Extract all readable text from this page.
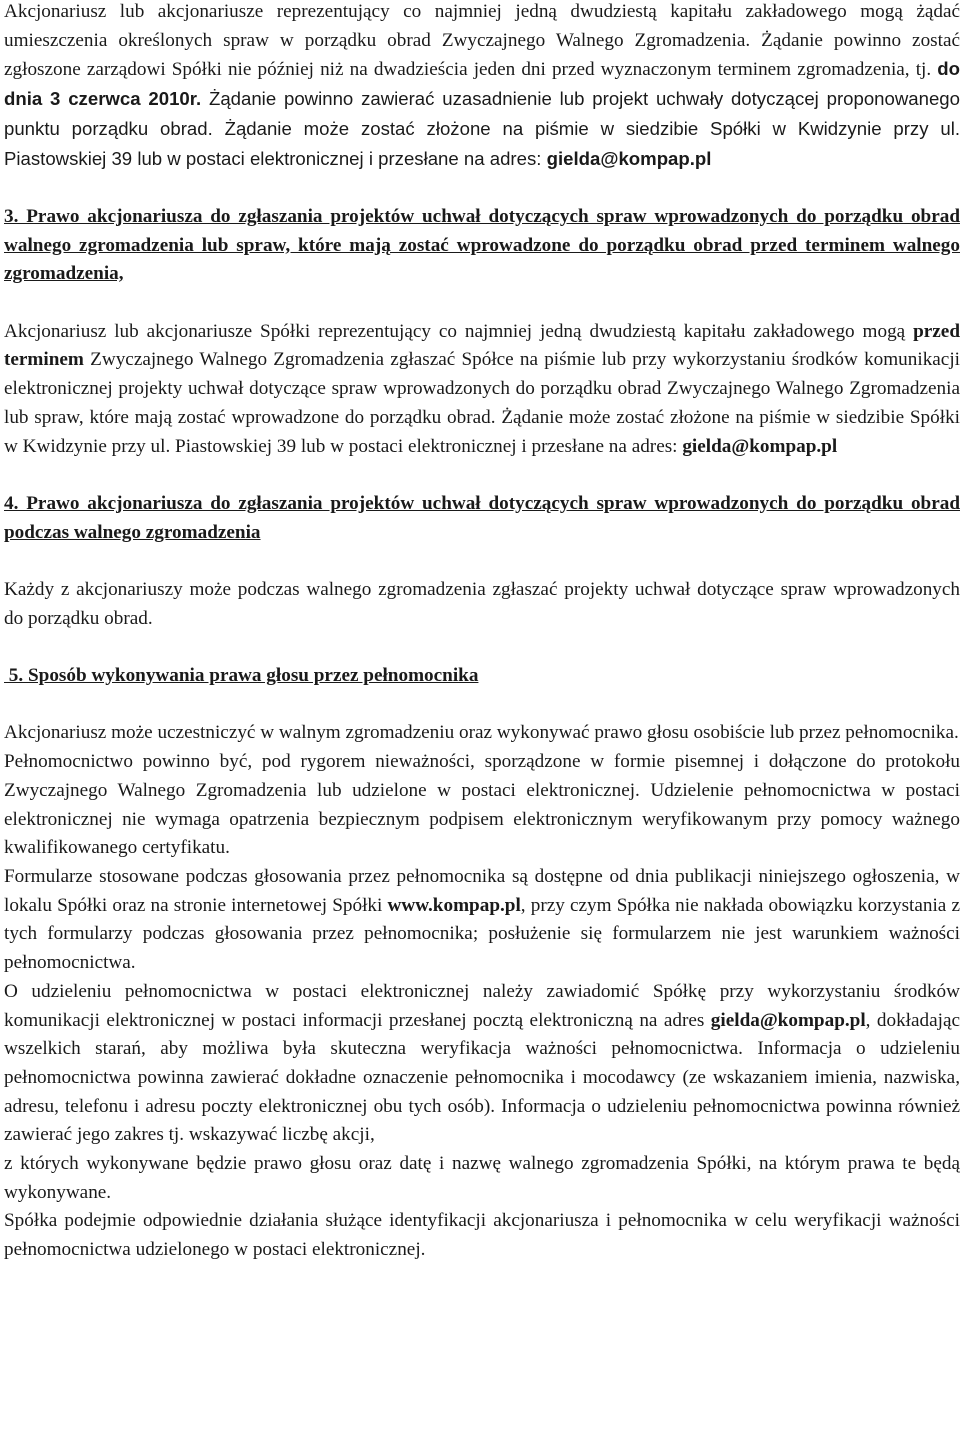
Akcjonariusz lub akcjonariusze reprezentujący co najmniej jedną dwudziestą kapitału zakładowego mogą żądać umieszczenia określonych spraw w porządku obrad Zwyczajnego Walnego Zgromadzenia. Żądanie powinno zostać zgłoszone zarządowi Spółki nie później niż na dwadzieścia jeden dni przed wyznaczonym terminem zgromadzenia, tj. do dnia 3 czerwca 2010r. Żądanie powinno zawierać uzasadnienie lub projekt uchwały dotyczącej proponowanego punktu porządku obrad. Żądanie może zostać złożone na piśmie w siedzibie Spółki w Kwidzynie przy ul. Piastowskiej 39 lub w postaci elektronicznej i przesłane na adres: gielda@kompap.pl

3. Prawo akcjonariusza do zgłaszania projektów uchwał dotyczących spraw wprowadzonych do porządku obrad walnego zgromadzenia lub spraw, które mają zostać wprowadzone do porządku obrad przed terminem walnego zgromadzenia,

Akcjonariusz lub akcjonariusze Spółki reprezentujący co najmniej jedną dwudziestą kapitału zakładowego mogą przed terminem Zwyczajnego Walnego Zgromadzenia zgłaszać Spółce na piśmie lub przy wykorzystaniu środków komunikacji elektronicznej projekty uchwał dotyczące spraw wprowadzonych do porządku obrad Zwyczajnego Walnego Zgromadzenia lub spraw, które mają zostać wprowadzone do porządku obrad. Żądanie może zostać złożone na piśmie w siedzibie Spółki w Kwidzynie przy ul. Piastowskiej 39 lub w postaci elektronicznej i przesłane na adres: gielda@kompap.pl

4. Prawo akcjonariusza do zgłaszania projektów uchwał dotyczących spraw wprowadzonych do porządku obrad podczas walnego zgromadzenia

Każdy z akcjonariuszy może podczas walnego zgromadzenia zgłaszać projekty uchwał dotyczące spraw wprowadzonych do porządku obrad.

5. Sposób wykonywania prawa głosu przez pełnomocnika

Akcjonariusz może uczestniczyć w walnym zgromadzeniu oraz wykonywać prawo głosu osobiście lub przez pełnomocnika.

Pełnomocnictwo powinno być, pod rygorem nieważności, sporządzone w formie pisemnej i dołączone do protokołu Zwyczajnego Walnego Zgromadzenia lub udzielone w postaci elektronicznej. Udzielenie pełnomocnictwa w postaci elektronicznej nie wymaga opatrzenia bezpiecznym podpisem elektronicznym weryfikowanym przy pomocy ważnego kwalifikowanego certyfikatu.

Formularze stosowane podczas głosowania przez pełnomocnika są dostępne od dnia publikacji niniejszego ogłoszenia, w lokalu Spółki oraz na stronie internetowej Spółki www.kompap.pl, przy czym Spółka nie nakłada obowiązku korzystania z tych formularzy podczas głosowania przez pełnomocnika; posłużenie się formularzem nie jest warunkiem ważności pełnomocnictwa.

O udzieleniu pełnomocnictwa w postaci elektronicznej należy zawiadomić Spółkę przy wykorzystaniu środków komunikacji elektronicznej w postaci informacji przesłanej pocztą elektroniczną na adres gielda@kompap.pl, dokładając wszelkich starań, aby możliwa była skuteczna weryfikacja ważności pełnomocnictwa. Informacja o udzieleniu pełnomocnictwa powinna zawierać dokładne oznaczenie pełnomocnika i mocodawcy (ze wskazaniem imienia, nazwiska, adresu, telefonu i adresu poczty elektronicznej obu tych osób). Informacja o udzieleniu pełnomocnictwa powinna również zawierać jego zakres tj. wskazywać liczbę akcji,

z których wykonywane będzie prawo głosu oraz datę i nazwę walnego zgromadzenia Spółki, na którym prawa te będą wykonywane.

Spółka podejmie odpowiednie działania służące identyfikacji akcjonariusza i pełnomocnika w celu weryfikacji ważności pełnomocnictwa udzielonego w postaci elektronicznej.
